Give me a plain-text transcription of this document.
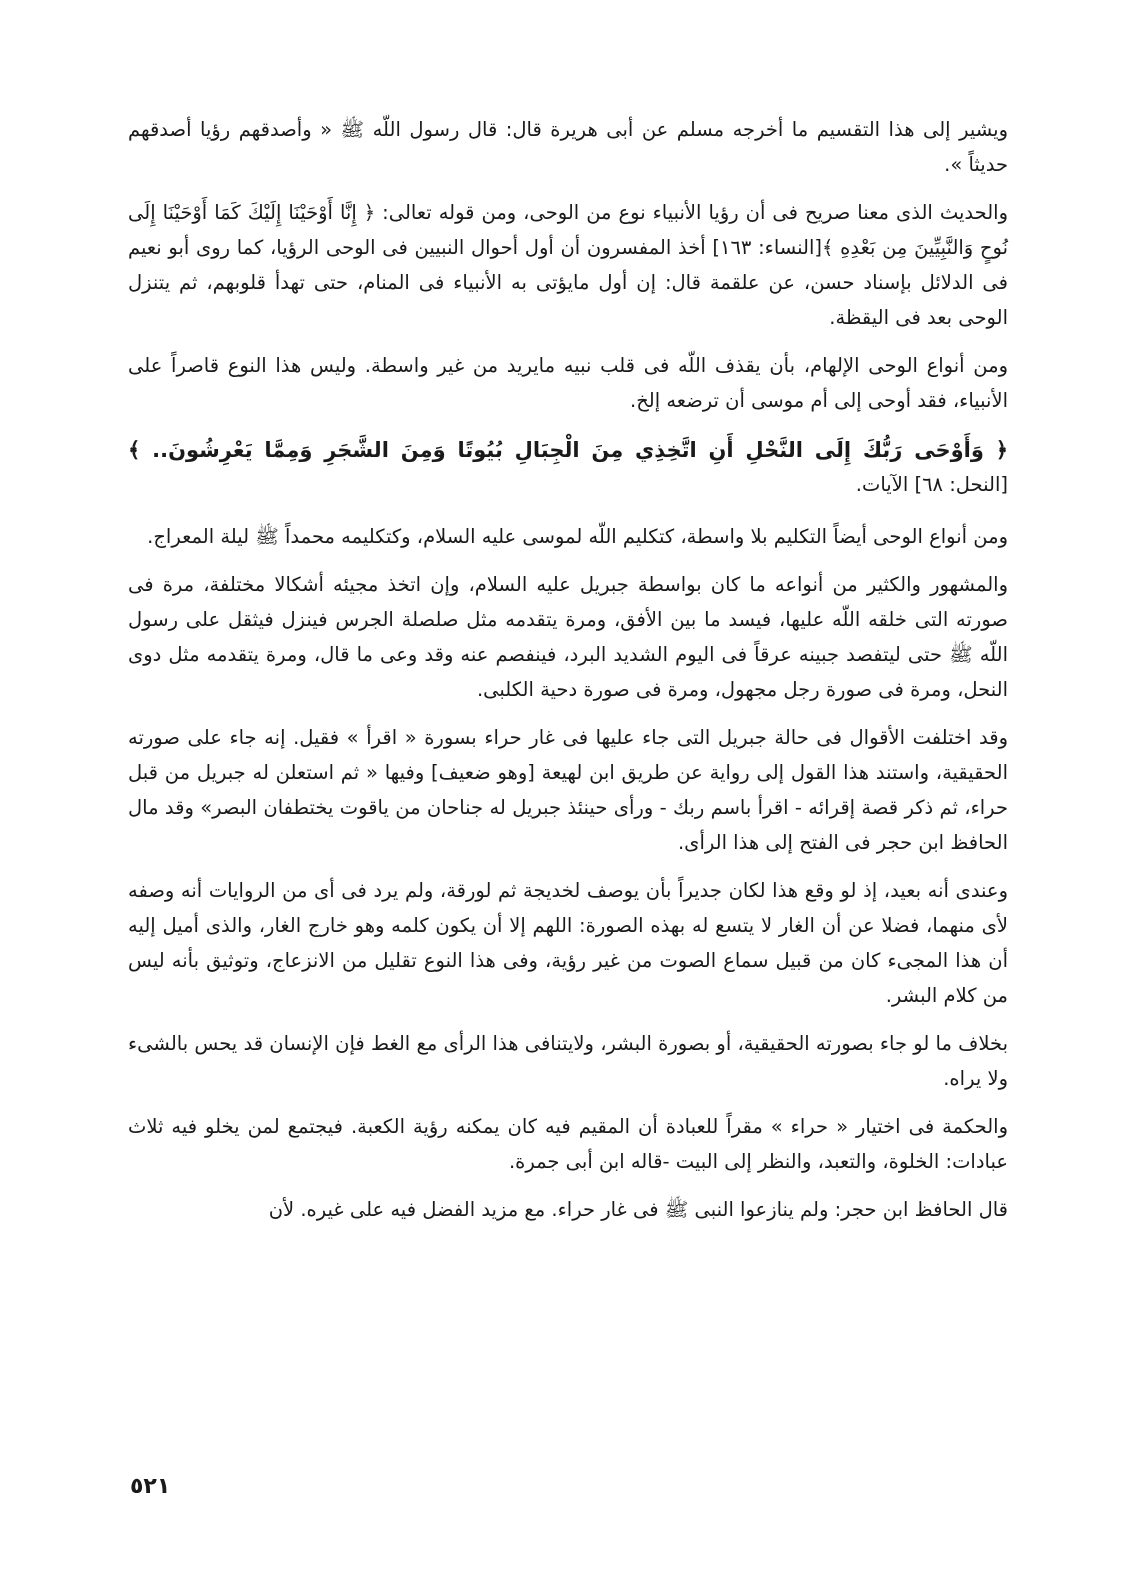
ويشير إلى هذا التقسيم ما أخرجه مسلم عن أبى هريرة قال: قال رسول اللّه ﷺ « وأصدقهم رؤيا أصدقهم حديثاً ».

والحديث الذى معنا صريح فى أن رؤيا الأنبياء نوع من الوحى، ومن قوله تعالى: ﴿ إِنَّا أَوْحَيْنَا إِلَيْكَ كَمَا أَوْحَيْنَا إِلَى نُوحٍ وَالنَّبِيِّينَ مِن بَعْدِهِ ﴾[النساء: ١٦٣] أخذ المفسرون أن أول أحوال النبيين فى الوحى الرؤيا، كما روى أبو نعيم فى الدلائل بإسناد حسن، عن علقمة قال: إن أول مايؤتى به الأنبياء فى المنام، حتى تهدأ قلوبهم، ثم يتنزل الوحى بعد فى اليقظة.

ومن أنواع الوحى الإلهام، بأن يقذف اللّه فى قلب نبيه مايريد من غير واسطة. وليس هذا النوع قاصراً على الأنبياء، فقد أوحى إلى أم موسى أن ترضعه إلخ.

﴿ وَأَوْحَى رَبُّكَ إِلَى النَّحْلِ أَنِ اتَّخِذِي مِنَ الْجِبَالِ بُيُوتًا وَمِنَ الشَّجَرِ وَمِمَّا يَعْرِشُونَ.. ﴾

[النحل: ٦٨] الآيات.

ومن أنواع الوحى أيضاً التكليم بلا واسطة، كتكليم اللّه لموسى عليه السلام، وكتكليمه محمداً ﷺ ليلة المعراج.

والمشهور والكثير من أنواعه ما كان بواسطة جبريل عليه السلام، وإن اتخذ مجيئه أشكالا مختلفة، مرة فى صورته التى خلقه اللّه عليها، فيسد ما بين الأفق، ومرة يتقدمه مثل صلصلة الجرس فينزل فيثقل على رسول اللّه ﷺ حتى ليتفصد جبينه عرقاً فى اليوم الشديد البرد، فينفصم عنه وقد وعى ما قال، ومرة يتقدمه مثل دوى النحل، ومرة فى صورة رجل مجهول، ومرة فى صورة دحية الكلبى.

وقد اختلفت الأقوال فى حالة جبريل التى جاء عليها فى غار حراء بسورة « اقرأ » فقيل. إنه جاء على صورته الحقيقية، واستند هذا القول إلى رواية عن طريق ابن لهيعة [وهو ضعيف] وفيها « ثم استعلن له جبريل من قبل حراء، ثم ذكر قصة إقرائه - اقرأ باسم ربك - ورأى حينئذ جبريل له جناحان من ياقوت يختطفان البصر» وقد مال الحافظ ابن حجر فى الفتح إلى هذا الرأى.

وعندى أنه بعيد، إذ لو وقع هذا لكان جديراً بأن يوصف لخديجة ثم لورقة، ولم يرد فى أى من الروايات أنه وصفه لأى منهما، فضلا عن أن الغار لا يتسع له بهذه الصورة: اللهم إلا أن يكون كلمه وهو خارج الغار، والذى أميل إليه أن هذا المجىء كان من قبيل سماع الصوت من غير رؤية، وفى هذا النوع تقليل من الانزعاج، وتوثيق بأنه ليس من كلام البشر.

بخلاف ما لو جاء بصورته الحقيقية، أو بصورة البشر، ولايتنافى هذا الرأى مع الغط فإن الإنسان قد يحس بالشىء ولا يراه.

والحكمة فى اختيار « حراء » مقراً للعبادة أن المقيم فيه كان يمكنه رؤية الكعبة. فيجتمع لمن يخلو فيه ثلاث عبادات: الخلوة، والتعبد، والنظر إلى البيت -قاله ابن أبى جمرة.

قال الحافظ ابن حجر: ولم ينازعوا النبى ﷺ فى غار حراء. مع مزيد الفضل فيه على غيره. لأن

٥٢١
